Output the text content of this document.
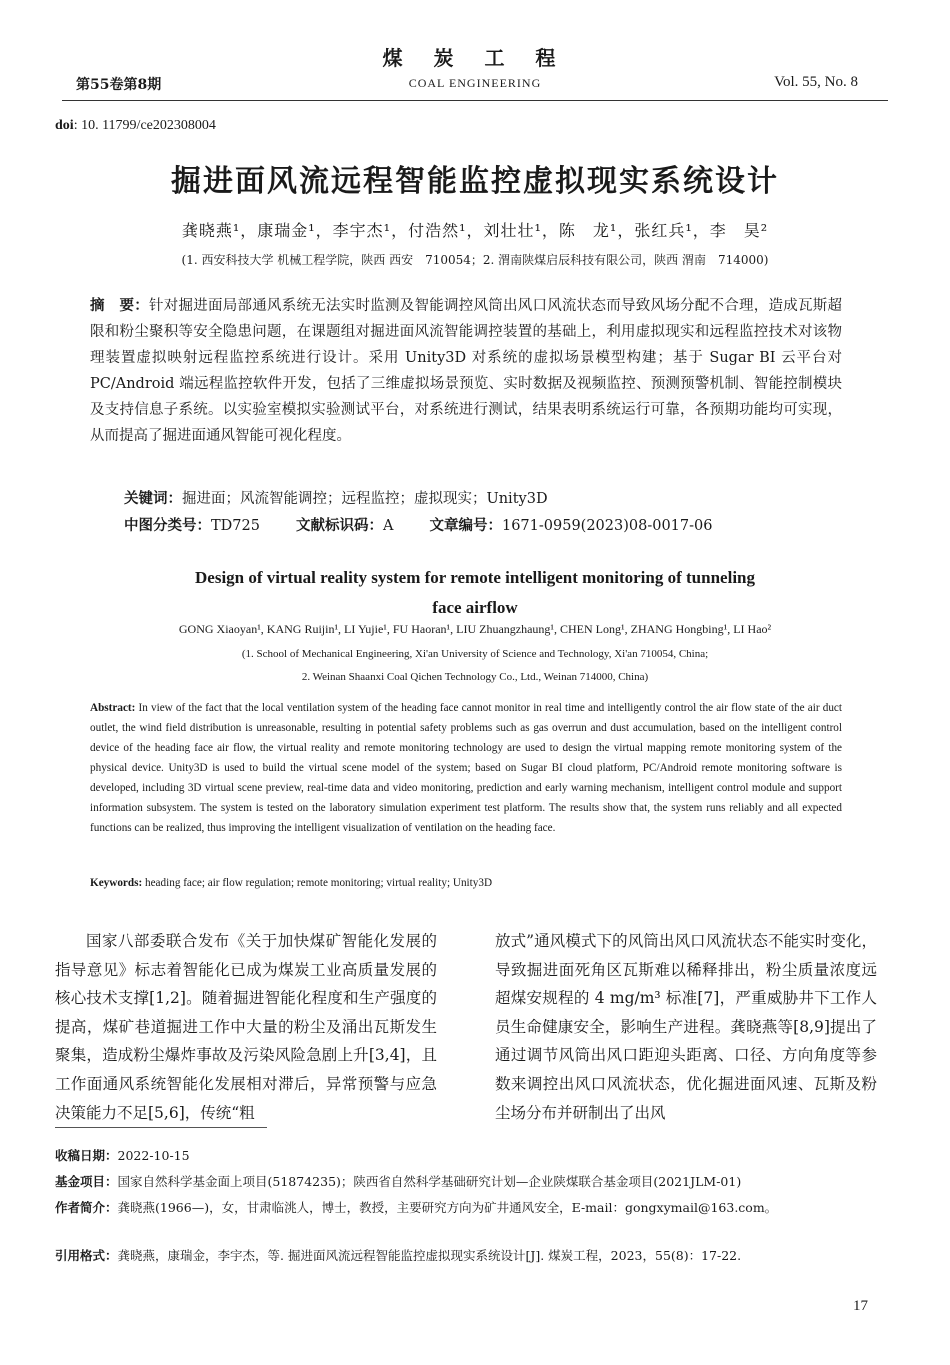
煤 炭 工 程
COAL ENGINEERING
第55卷第8期	Vol. 55, No. 8
doi: 10. 11799/ce202308004
掘进面风流远程智能监控虚拟现实系统设计
龚晓燕¹，康瑞金¹，李宇杰¹，付浩然¹，刘壮壮¹，陈　龙¹，张红兵¹，李　昊²
(1. 西安科技大学 机械工程学院，陕西 西安　710054；2. 渭南陕煤启辰科技有限公司，陕西 渭南　714000)
摘　要：针对掘进面局部通风系统无法实时监测及智能调控风筒出风口风流状态而导致风场分配不合理，造成瓦斯超限和粉尘聚积等安全隐患问题，在课题组对掘进面风流智能调控装置的基础上，利用虚拟现实和远程监控技术对该物理装置虚拟映射远程监控系统进行设计。采用 Unity3D 对系统的虚拟场景模型构建；基于 Sugar BI 云平台对 PC/Android 端远程监控软件开发，包括了三维虚拟场景预览、实时数据及视频监控、预测预警机制、智能控制模块及支持信息子系统。以实验室模拟实验测试平台，对系统进行测试，结果表明系统运行可靠，各预期功能均可实现，从而提高了掘进面通风智能可视化程度。
关键词：掘进面；风流智能调控；远程监控；虚拟现实；Unity3D
中图分类号：TD725 文献标识码：A 文章编号：1671-0959(2023)08-0017-06
Design of virtual reality system for remote intelligent monitoring of tunneling face airflow
GONG Xiaoyan¹, KANG Ruijin¹, LI Yujie¹, FU Haoran¹, LIU Zhuangzhaung¹, CHEN Long¹, ZHANG Hongbing¹, LI Hao²
(1. School of Mechanical Engineering, Xi'an University of Science and Technology, Xi'an 710054, China;
2. Weinan Shaanxi Coal Qichen Technology Co., Ltd., Weinan 714000, China)
Abstract: In view of the fact that the local ventilation system of the heading face cannot monitor in real time and intelligently control the air flow state of the air duct outlet, the wind field distribution is unreasonable, resulting in potential safety problems such as gas overrun and dust accumulation, based on the intelligent control device of the heading face air flow, the virtual reality and remote monitoring technology are used to design the virtual mapping remote monitoring system of the physical device. Unity3D is used to build the virtual scene model of the system; based on Sugar BI cloud platform, PC/Android remote monitoring software is developed, including 3D virtual scene preview, real-time data and video monitoring, prediction and early warning mechanism, intelligent control module and support information subsystem. The system is tested on the laboratory simulation experiment test platform. The results show that, the system runs reliably and all expected functions can be realized, thus improving the intelligent visualization of ventilation on the heading face.
Keywords: heading face; air flow regulation; remote monitoring; virtual reality; Unity3D
国家八部委联合发布《关于加快煤矿智能化发展的指导意见》标志着智能化已成为煤炭工业高质量发展的核心技术支撑[1,2]。随着掘进智能化程度和生产强度的提高，煤矿巷道掘进工作中大量的粉尘及涌出瓦斯发生聚集，造成粉尘爆炸事故及污染风险急剧上升[3,4]，且工作面通风系统智能化发展相对滞后，异常预警与应急决策能力不足[5,6]，传统“粗
放式”通风模式下的风筒出风口风流状态不能实时变化，导致掘进面死角区瓦斯难以稀释排出，粉尘质量浓度远超煤安规程的 4 mg/m³ 标准[7]，严重威胁井下工作人员生命健康安全，影响生产进程。龚晓燕等[8,9]提出了通过调节风筒出风口距迎头距离、口径、方向角度等参数来调控出风口风流状态，优化掘进面风速、瓦斯及粉尘场分布并研制出了出风
收稿日期：2022-10-15
基金项目：国家自然科学基金面上项目(51874235)；陕西省自然科学基础研究计划—企业陕煤联合基金项目(2021JLM-01)
作者简介：龚晓燕(1966—)，女，甘肃临洮人，博士，教授，主要研究方向为矿井通风安全，E-mail：gongxymail@163.com。
引用格式：龚晓燕，康瑞金，李宇杰，等. 掘进面风流远程智能监控虚拟现实系统设计[J]. 煤炭工程，2023，55(8)：17-22.
17
